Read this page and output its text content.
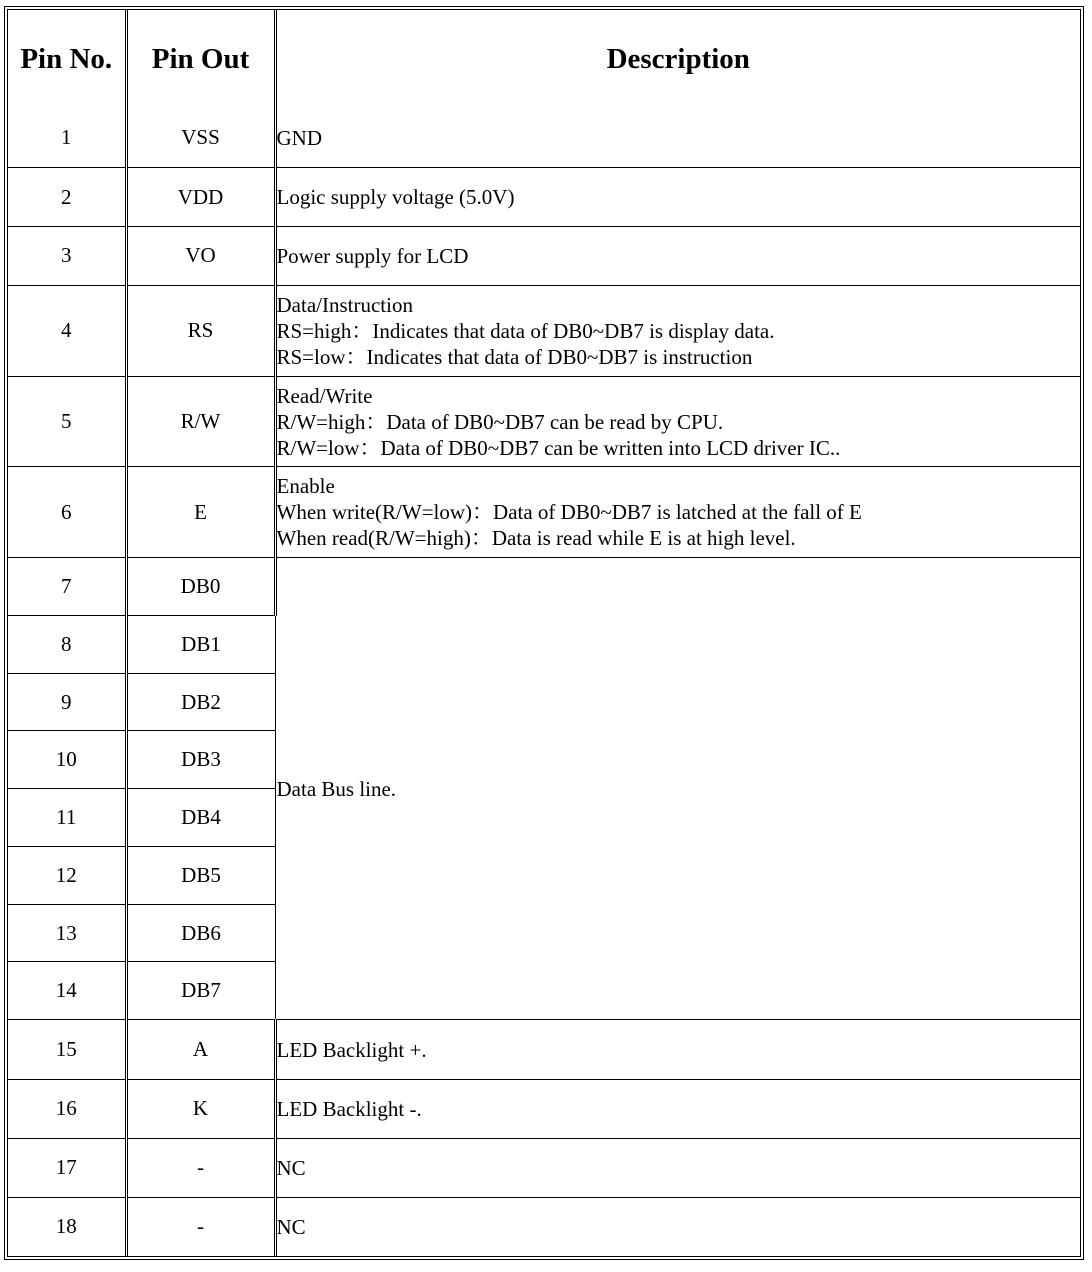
Pin No.	Pin Out	Description
1	VSS	GND

2	VDD	Logic supply voltage (5.0V)

3	VO	Power supply for LCD

4	RS	Data/Instruction
RS=high：Indicates that data of DB0~DB7 is display data.
RS=low：Indicates that data of DB0~DB7 is instruction

5	R/W	Read/Write
R/W=high：Data of DB0~DB7 can be read by CPU.
R/W=low：Data of DB0~DB7 can be written into LCD driver IC..

6	E	Enable
When write(R/W=low)：Data of DB0~DB7 is latched at the fall of E
When read(R/W=high)：Data is read while E is at high level.

7	DB0	Data Bus line.

8	DB1	
9	DB2	
10	DB3	
11	DB4	
12	DB5	
13	DB6	
14	DB7	
15	A	LED Backlight +.

16	K	LED Backlight -.

17	-	NC

18	-	NC
